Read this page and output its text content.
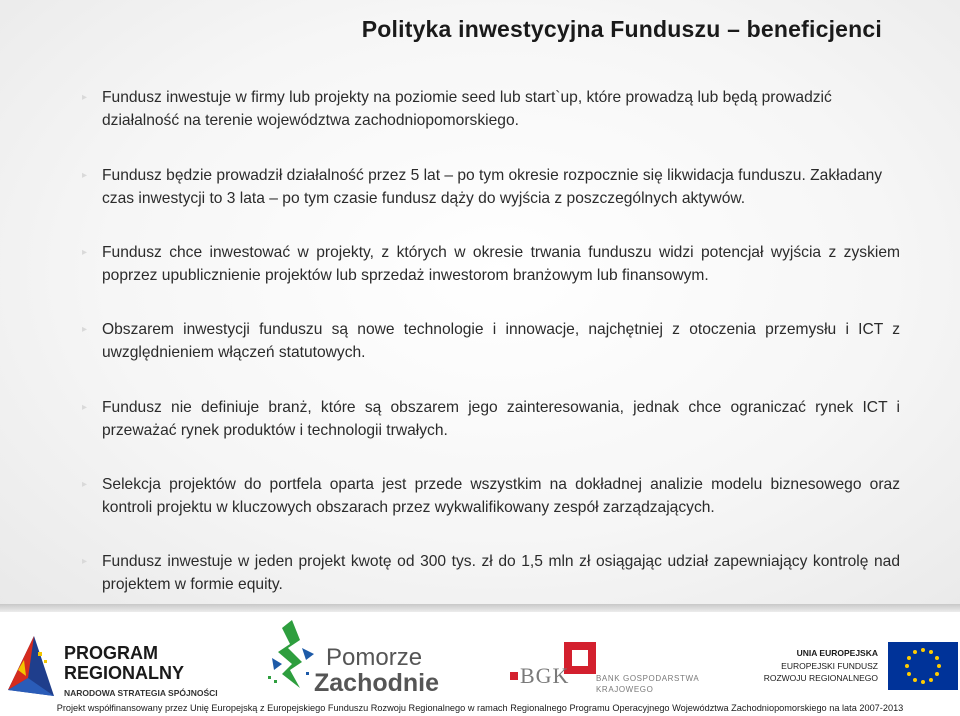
Polityka inwestycyjna Funduszu – beneficjenci
▸ Fundusz inwestuje w firmy lub projekty na poziomie seed lub start`up, które prowadzą lub będą prowadzić działalność na terenie województwa zachodniopomorskiego.
▸ Fundusz będzie prowadził działalność przez 5 lat – po tym okresie rozpocznie się likwidacja funduszu. Zakładany czas inwestycji to 3 lata – po tym czasie fundusz dąży do wyjścia z poszczególnych aktywów.
▸ Fundusz chce inwestować w projekty, z których w okresie trwania funduszu widzi potencjał wyjścia z zyskiem poprzez upublicznienie projektów lub sprzedaż inwestorom branżowym lub finansowym.
▸ Obszarem inwestycji funduszu są nowe technologie i innowacje, najchętniej z otoczenia przemysłu i ICT z uwzględnieniem włączeń statutowych.
▸ Fundusz nie definiuje branż, które są obszarem jego zainteresowania, jednak chce ograniczać rynek ICT i przeważać rynek produktów i technologii trwałych.
▸ Selekcja projektów do portfela oparta jest przede wszystkim na dokładnej analizie modelu biznesowego oraz kontroli projektu w kluczowych obszarach przez wykwalifikowany zespół zarządzających.
▸ Fundusz inwestuje w jeden projekt kwotę od 300 tys. zł do 1,5 mln zł osiągając udział zapewniający kontrolę nad projektem w formie equity.
PROGRAM
REGIONALNY
NARODOWA STRATEGIA SPÓJNOŚCI
Pomorze
Zachodnie	BGK	BANK GOSPODARSTWA
KRAJOWEGO
UNIA EUROPEJSKA
EUROPEJSKI FUNDUSZ
ROZWOJU REGIONALNEGO
Projekt współfinansowany przez Unię Europejską z Europejskiego Funduszu Rozwoju Regionalnego w ramach Regionalnego Programu Operacyjnego Województwa Zachodniopomorskiego na lata 2007-2013
